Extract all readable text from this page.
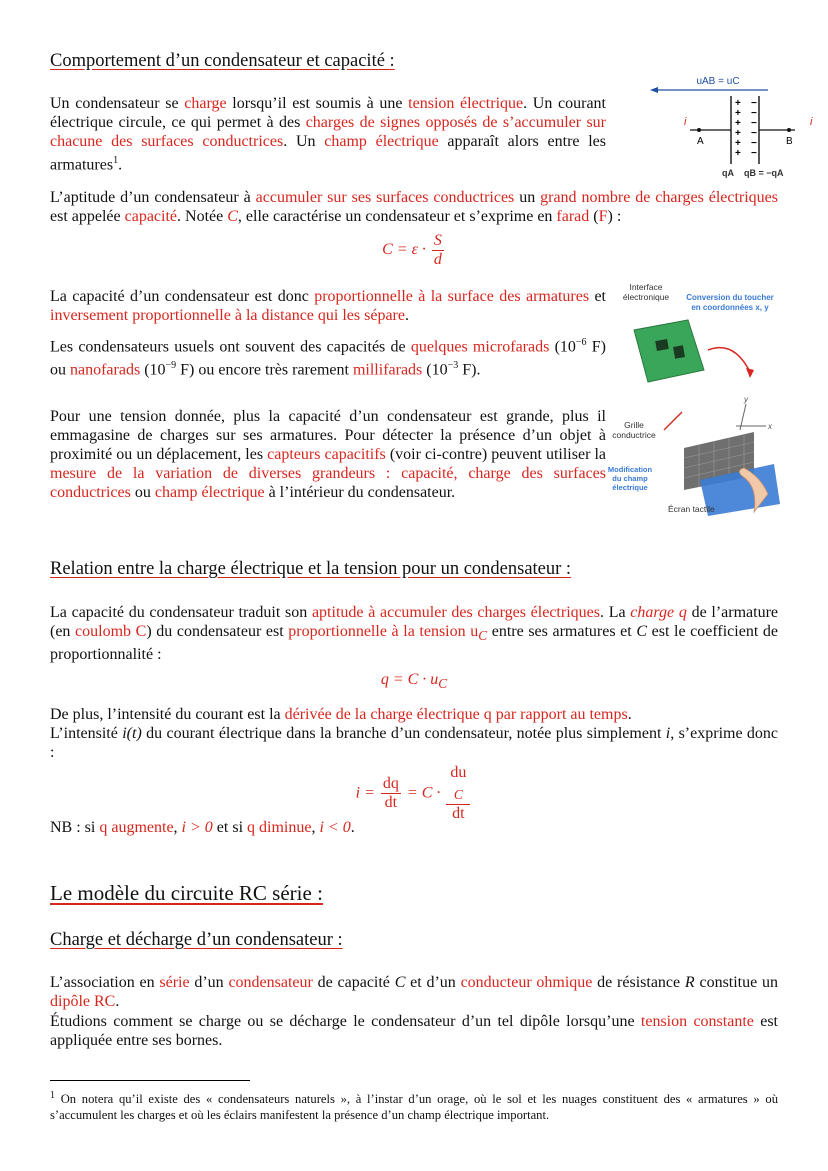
Comportement d’un condensateur et capacité :

Un condensateur se charge lorsqu’il est soumis à une tension électrique. Un courant électrique circule, ce qui permet à des charges de signes opposés de s’accumuler sur chacune des surfaces conductrices. Un champ électrique apparaît alors entre les armatures$^1$.

uAB = uC
i	i
A	B
+
+
+
+
+
+
−
−
−
−
−
−
qA qB = −qA

L’aptitude d’un condensateur à accumuler sur ses surfaces conductrices un grand nombre de charges électriques est appelée capacité. Notée C, elle caractérise un condensateur et s’exprime en farad (F) :

$C = \varepsilon \cdot \frac{S}{d}$

La capacité d’un condensateur est donc proportionnelle à la surface des armatures et inversement proportionnelle à la distance qui les sépare.

Les condensateurs usuels ont souvent des capacités de quelques microfarads ($10^{-6}$ F) ou nanofarads ($10^{-9}$ F) ou encore très rarement millifarads ($10^{-3}$ F).

Pour une tension donnée, plus la capacité d’un condensateur est grande, plus il emmagasine de charges sur ses armatures. Pour détecter la présence d’un objet à proximité ou un déplacement, les capteurs capacitifs (voir ci-contre) peuvent utiliser la mesure de la variation de diverses grandeurs : capacité, charge des surfaces conductrices ou champ électrique à l’intérieur du condensateur.

Interface
électronique Conversion du toucher
en coordonnées x, y
x
y
Grille
conductrice
Modification
du champ
électrique
Écran tactile
Relation entre la charge électrique et la tension pour un condensateur :

La capacité du condensateur traduit son aptitude à accumuler des charges électriques. La charge q de l’armature (en coulomb C) du condensateur est proportionnelle à la tension $u_C$ entre ses armatures et C est le coefficient de proportionnalité :

$q = C \cdot u_C$

De plus, l’intensité du courant est la dérivée de la charge électrique q par rapport au temps.

L’intensité i(t) du courant électrique dans la branche d’un condensateur, notée plus simplement i, s’exprime donc :

$i = \frac{dq}{dt} = C$ · du
$_C$
dt

NB : si q augmente, i > 0 et si q diminue, i < 0.

Le modèle du circuite RC série :
Charge et décharge d’un condensateur :

L’association en série d’un condensateur de capacité C et d’un conducteur ohmique de résistance R constitue un dipôle RC.

Étudions comment se charge ou se décharge le condensateur d’un tel dipôle lorsqu’une tension constante est appliquée entre ses bornes.

$^1$ On notera qu’il existe des « condensateurs naturels », à l’instar d’un orage, où le sol et les nuages constituent des « armatures » où s’accumulent les charges et où les éclairs manifestent la présence d’un champ électrique important.
